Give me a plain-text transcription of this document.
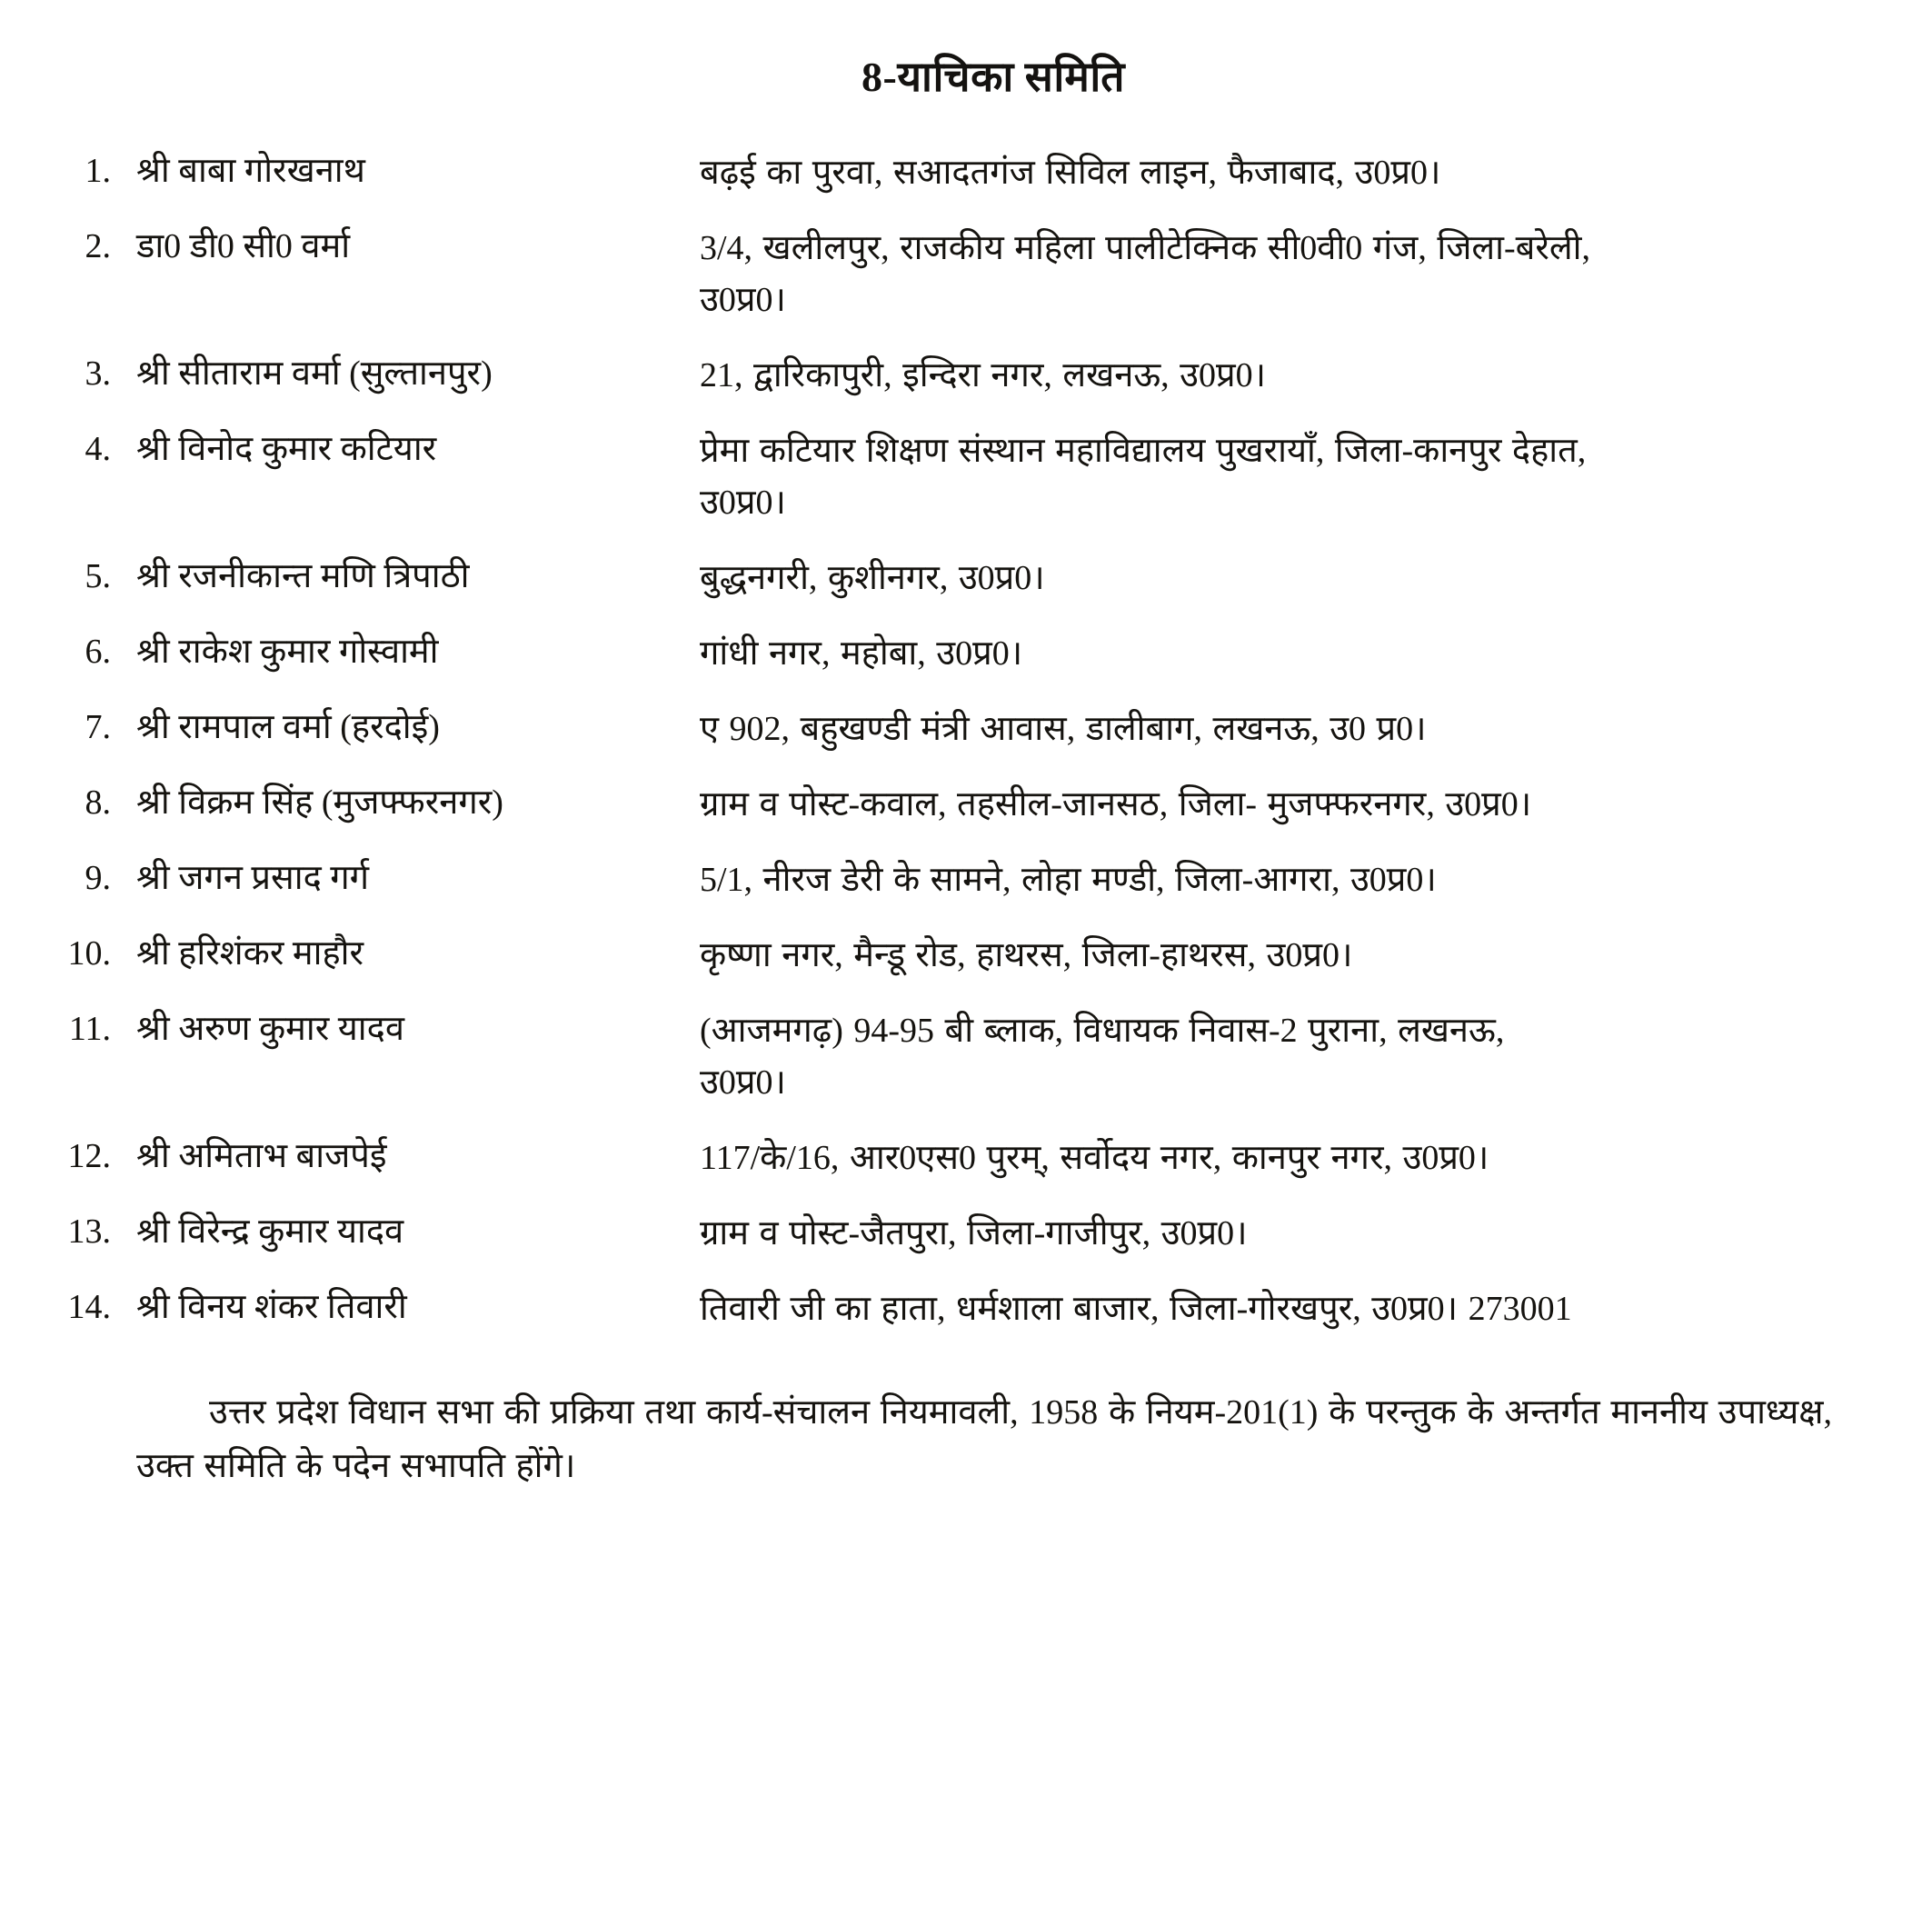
8-याचिका समिति
1. श्री बाबा गोरखनाथ	बढ़ई का पुरवा, सआदतगंज सिविल लाइन, फैजाबाद, उ0प्र0।
2. डा0 डी0 सी0 वर्मा	3/4, खलीलपुर, राजकीय महिला पालीटेक्निक सी0वी0 गंज, जिला-बरेली, उ0प्र0।
3. श्री सीताराम वर्मा (सुल्तानपुर)	21, द्वारिकापुरी, इन्दिरा नगर, लखनऊ, उ0प्र0।
4. श्री विनोद कुमार कटियार	प्रेमा कटियार शिक्षण संस्थान महाविद्यालय पुखरायाँ, जिला-कानपुर देहात, उ0प्र0।
5. श्री रजनीकान्त मणि त्रिपाठी	बुद्धनगरी, कुशीनगर, उ0प्र0।
6. श्री राकेश कुमार गोस्वामी	गांधी नगर, महोबा, उ0प्र0।
7. श्री रामपाल वर्मा (हरदोई)	ए 902, बहुखण्डी मंत्री आवास, डालीबाग, लखनऊ, उ0 प्र0।
8. श्री विक्रम सिंह (मुजफ्फरनगर)	ग्राम व पोस्ट-कवाल, तहसील-जानसठ, जिला- मुजफ्फरनगर, उ0प्र0।
9. श्री जगन प्रसाद गर्ग	5/1, नीरज डेरी के सामने, लोहा मण्डी, जिला-आगरा, उ0प्र0।
10. श्री हरिशंकर माहौर	कृष्णा नगर, मैन्डू रोड, हाथरस, जिला-हाथरस, उ0प्र0।
11. श्री अरुण कुमार यादव	(आजमगढ़) 94-95 बी ब्लाक, विधायक निवास-2 पुराना, लखनऊ, उ0प्र0।
12. श्री अमिताभ बाजपेई	117/के/16, आर0एस0 पुरम्, सर्वोदय नगर, कानपुर नगर, उ0प्र0।
13. श्री विरेन्द्र कुमार यादव	ग्राम व पोस्ट-जैतपुरा, जिला-गाजीपुर, उ0प्र0।
14. श्री विनय शंकर तिवारी	तिवारी जी का हाता, धर्मशाला बाजार, जिला-गोरखपुर, उ0प्र0। 273001
उत्तर प्रदेश विधान सभा की प्रक्रिया तथा कार्य-संचालन नियमावली, 1958 के नियम-201(1) के परन्तुक के अन्तर्गत माननीय उपाध्यक्ष, उक्त समिति के पदेन सभापति होंगे।
